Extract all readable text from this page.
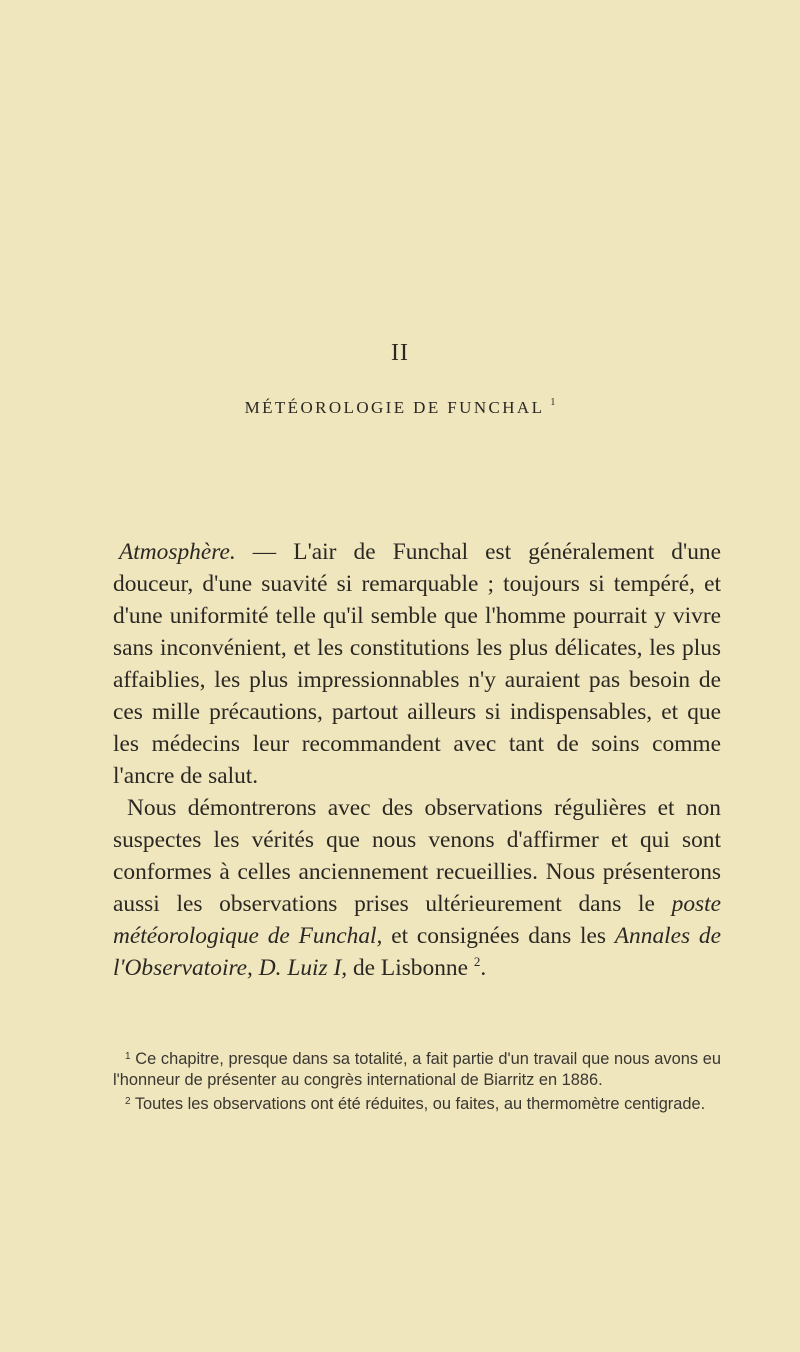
II
MÉTÉOROLOGIE DE FUNCHAL $^1$

Atmosphère. — L'air de Funchal est généralement d'une douceur, d'une suavité si remarquable ; toujours si tempéré, et d'une uniformité telle qu'il semble que l'homme pourrait y vivre sans inconvénient, et les constitutions les plus délicates, les plus affaiblies, les plus impressionnables n'y auraient pas besoin de ces mille précautions, partout ailleurs si indispensables, et que les médecins leur recommandent avec tant de soins comme l'ancre de salut.

Nous démontrerons avec des observations régulières et non suspectes les vérités que nous venons d'affirmer et qui sont conformes à celles anciennement recueillies. Nous présenterons aussi les observations prises ultérieurement dans le poste météorologique de Funchal, et consignées dans les Annales de l'Observatoire, D. Luiz I, de Lisbonne $^2$.

$^1$ Ce chapitre, presque dans sa totalité, a fait partie d'un travail que nous avons eu l'honneur de présenter au congrès international de Biarritz en 1886.

$^2$ Toutes les observations ont été réduites, ou faites, au thermomètre centigrade.
